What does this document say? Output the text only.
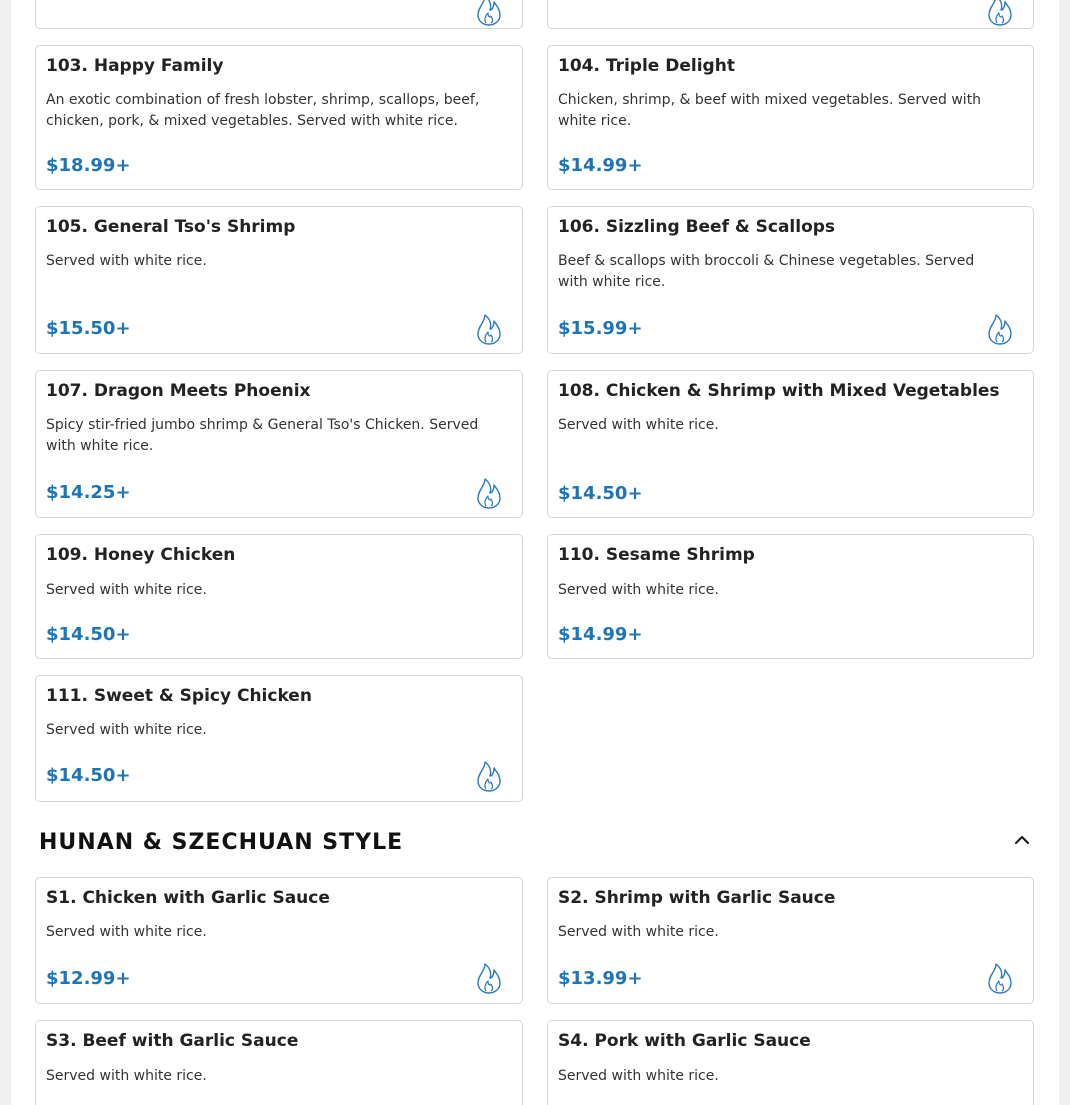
103. Happy Family

An exotic combination of fresh lobster, shrimp, scallops, beef, chicken, pork, & mixed vegetables. Served with white rice.

$18.99+
104. Triple Delight

Chicken, shrimp, & beef with mixed vegetables. Served with white rice.

$14.99+
105. General Tso's Shrimp

Served with white rice.

$15.50+
106. Sizzling Beef & Scallops

Beef & scallops with broccoli & Chinese vegetables. Served with white rice.

$15.99+
107. Dragon Meets Phoenix

Spicy stir-fried jumbo shrimp & General Tso's Chicken. Served with white rice.

$14.25+
108. Chicken & Shrimp with Mixed Vegetables

Served with white rice.

$14.50+
109. Honey Chicken

Served with white rice.

$14.50+
110. Sesame Shrimp

Served with white rice.

$14.99+
111. Sweet & Spicy Chicken

Served with white rice.

$14.50+
HUNAN & SZECHUAN STYLE
S1. Chicken with Garlic Sauce

Served with white rice.

$12.99+
S2. Shrimp with Garlic Sauce

Served with white rice.

$13.99+
S3. Beef with Garlic Sauce

Served with white rice.

S4. Pork with Garlic Sauce

Served with white rice.
